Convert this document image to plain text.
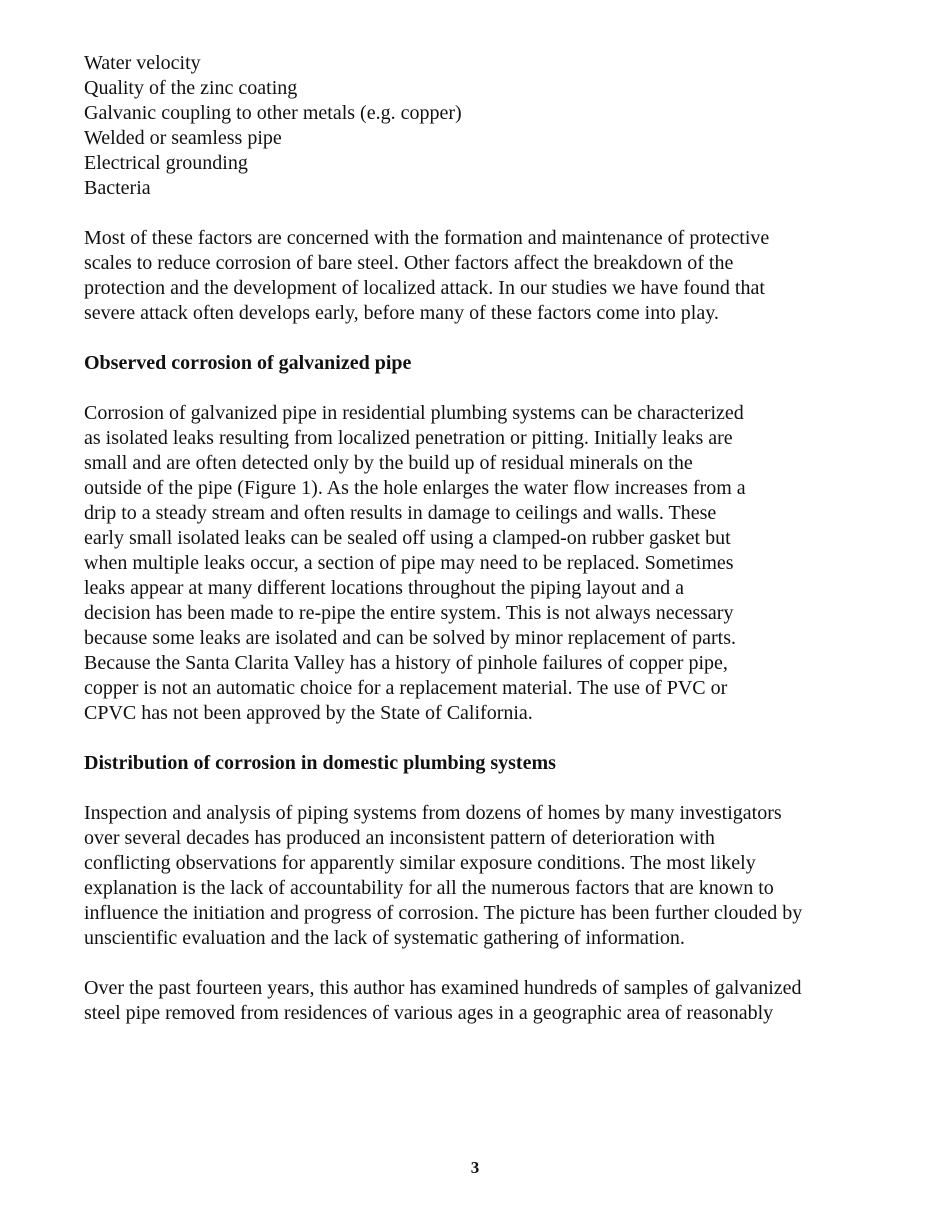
Water velocity
Quality of the zinc coating
Galvanic coupling to other metals (e.g. copper)
Welded or seamless pipe
Electrical grounding
Bacteria
Most of these factors are concerned with the formation and maintenance of protective
scales to reduce corrosion of bare steel. Other factors affect the breakdown of the
protection and the development of localized attack. In our studies we have found that
severe attack often develops early, before many of these factors come into play.
Observed corrosion of galvanized pipe
Corrosion of galvanized pipe in residential plumbing systems can be characterized
as isolated leaks resulting from localized penetration or pitting. Initially leaks are
small and are often detected only by the build up of residual minerals on the
outside of the pipe (Figure 1). As the hole enlarges the water flow increases from a
drip to a steady stream and often results in damage to ceilings and walls. These
early small isolated leaks can be sealed off using a clamped-on rubber gasket but
when multiple leaks occur, a section of pipe may need to be replaced. Sometimes
leaks appear at many different locations throughout the piping layout and a
decision has been made to re-pipe the entire system. This is not always necessary
because some leaks are isolated and can be solved by minor replacement of parts.
Because the Santa Clarita Valley has a history of pinhole failures of copper pipe,
copper is not an automatic choice for a replacement material. The use of PVC or
CPVC has not been approved by the State of California.
Distribution of corrosion in domestic plumbing systems
Inspection and analysis of piping systems from dozens of homes by many investigators
over several decades has produced an inconsistent pattern of deterioration with
conflicting observations for apparently similar exposure conditions. The most likely
explanation is the lack of accountability for all the numerous factors that are known to
influence the initiation and progress of corrosion. The picture has been further clouded by
unscientific evaluation and the lack of systematic gathering of information.
Over the past fourteen years, this author has examined hundreds of samples of galvanized
steel pipe removed from residences of various ages in a geographic area of reasonably
3
